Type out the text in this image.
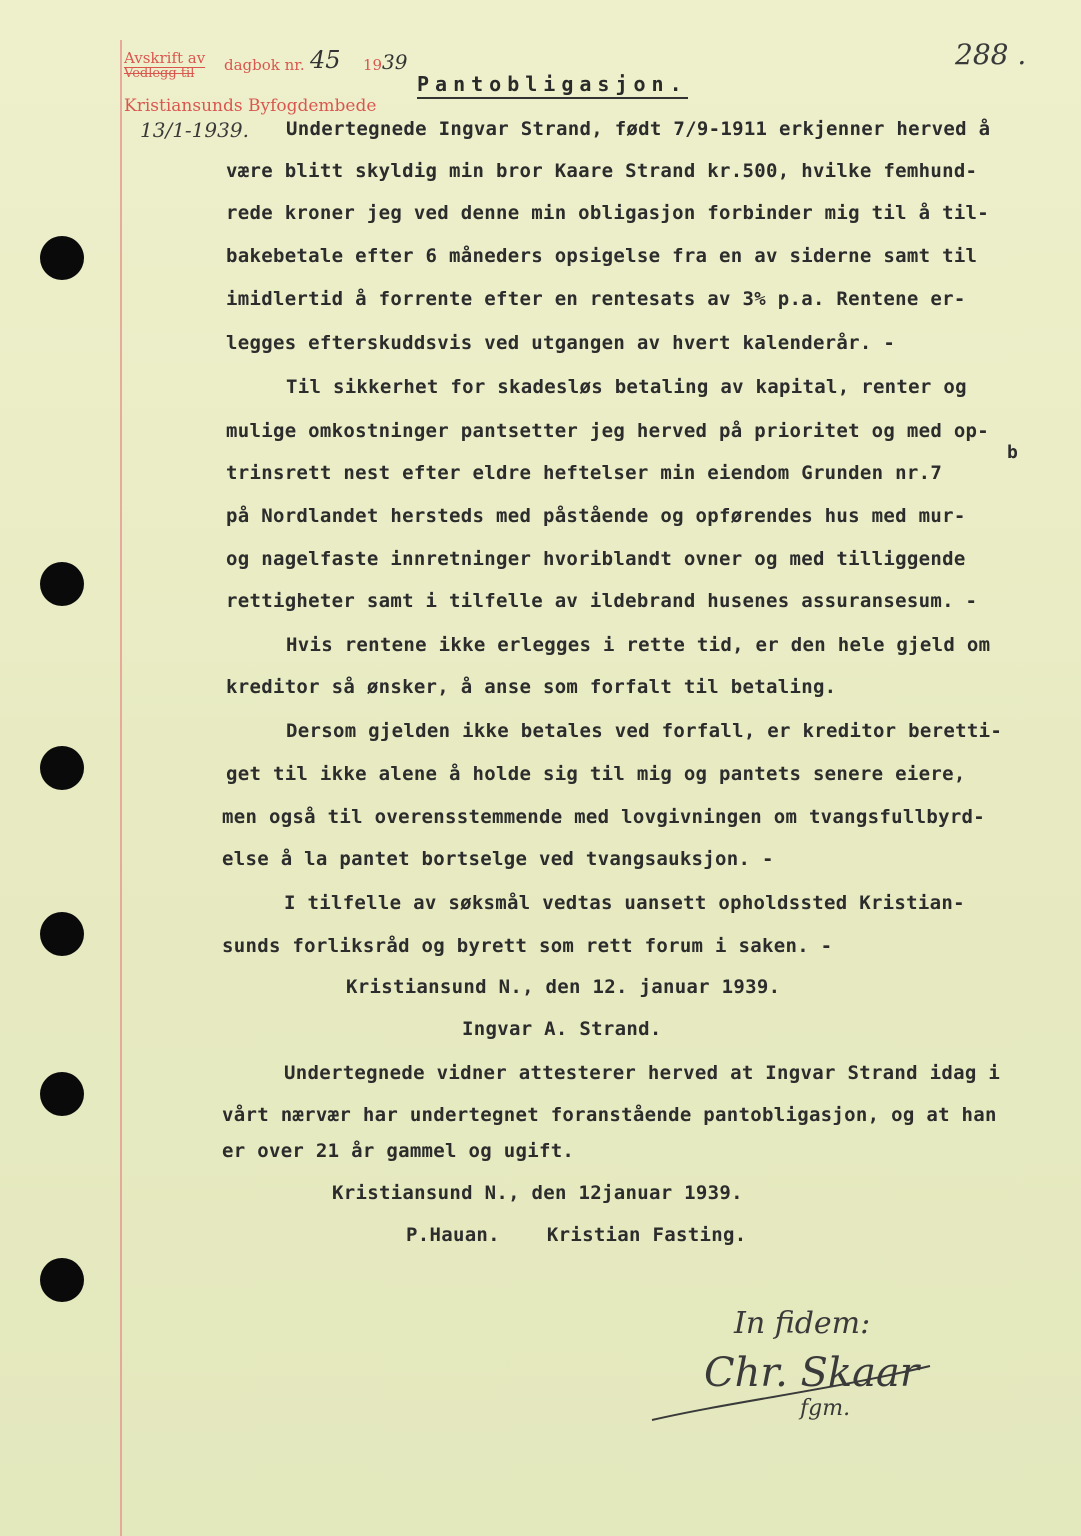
Avskrift av
Vedlegg til dagbok nr. 45 19 39
Kristiansunds Byfogdembede
13/1-1939.
288 .
Pantobligasjon.
Undertegnede Ingvar Strand, født 7/9-1911 erkjenner herved å
være blitt skyldig min bror Kaare Strand kr.500, hvilke femhund-
rede kroner jeg ved denne min obligasjon forbinder mig til å til-
bakebetale efter 6 måneders opsigelse fra en av siderne samt til
imidlertid å forrente efter en rentesats av 3% p.a. Rentene er-
legges efterskuddsvis ved utgangen av hvert kalenderår. -
Til sikkerhet for skadesløs betaling av kapital, renter og
mulige omkostninger pantsetter jeg herved på prioritet og med op-
trinsrett nest efter eldre heftelser min eiendom Grunden nr.7
b
på Nordlandet hersteds med påstående og opførendes hus med mur-
og nagelfaste innretninger hvoriblandt ovner og med tilliggende
rettigheter samt i tilfelle av ildebrand husenes assuransesum. -
Hvis rentene ikke erlegges i rette tid, er den hele gjeld om
kreditor så ønsker, å anse som forfalt til betaling.
Dersom gjelden ikke betales ved forfall, er kreditor beretti-
get til ikke alene å holde sig til mig og pantets senere eiere,
men også til overensstemmende med lovgivningen om tvangsfullbyrd-
else å la pantet bortselge ved tvangsauksjon. -
I tilfelle av søksmål vedtas uansett opholdssted Kristian-
sunds forliksråd og byrett som rett forum i saken. -
Kristiansund N., den 12. januar 1939.
Ingvar A. Strand.
Undertegnede vidner attesterer herved at Ingvar Strand idag i
vårt nærvær har undertegnet foranstående pantobligasjon, og at han
er over 21 år gammel og ugift.
Kristiansund N., den 12januar 1939.
P.Hauan.    Kristian Fasting.
In fidem:
Chr. Skaar
fgm.
